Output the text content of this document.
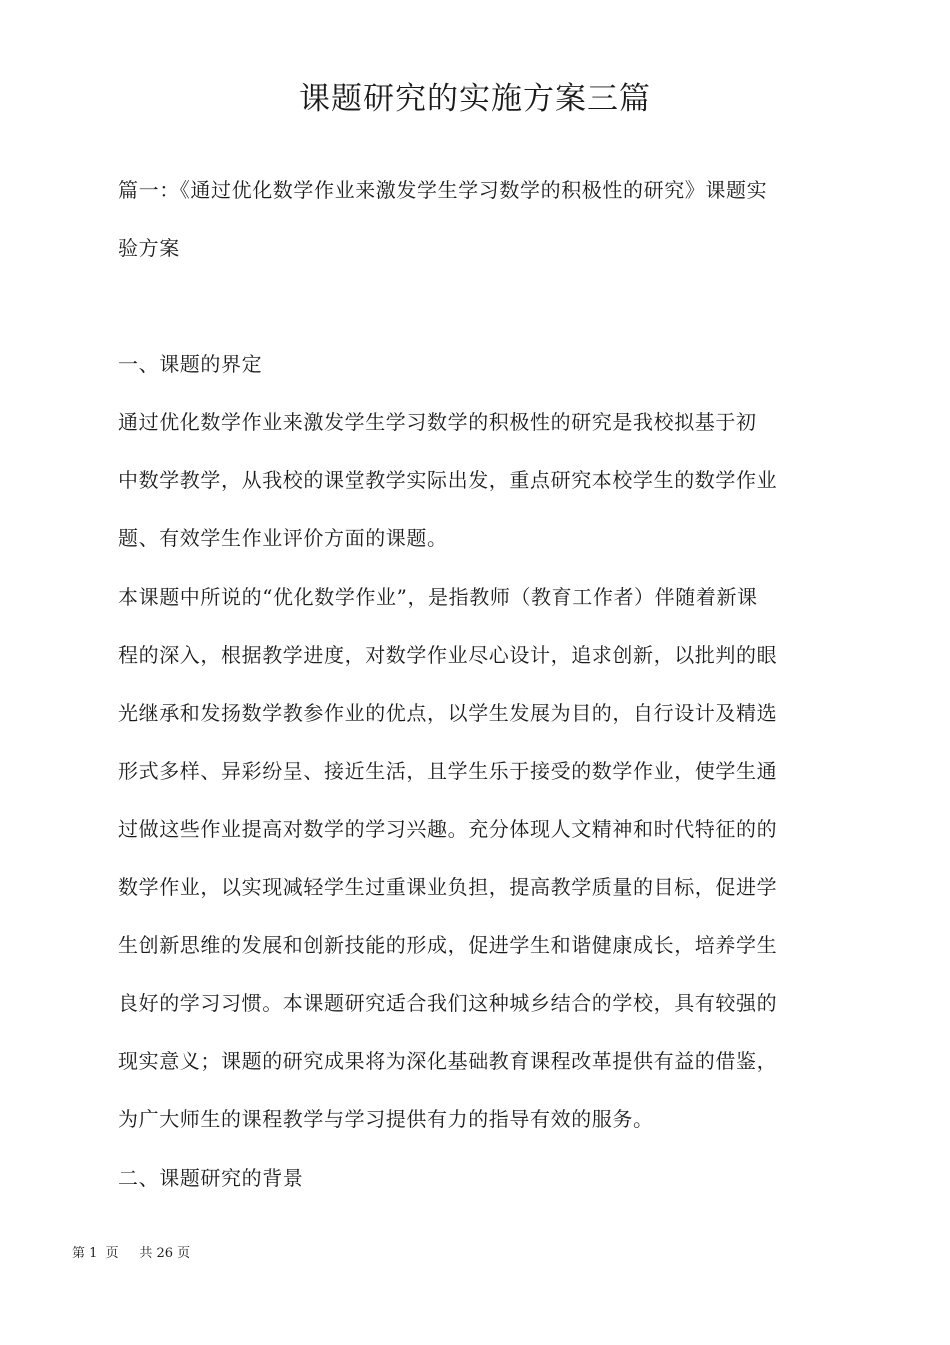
课题研究的实施方案三篇
篇一：《通过优化数学作业来激发学生学习数学的积极性的研究》课题实
验方案
一、课题的界定
通过优化数学作业来激发学生学习数学的积极性的研究是我校拟基于初
中数学教学，从我校的课堂教学实际出发，重点研究本校学生的数学作业
题、有效学生作业评价方面的课题。
本课题中所说的“优化数学作业”，是指教师（教育工作者）伴随着新课
程的深入，根据教学进度，对数学作业尽心设计，追求创新，以批判的眼
光继承和发扬数学教参作业的优点，以学生发展为目的，自行设计及精选
形式多样、异彩纷呈、接近生活，且学生乐于接受的数学作业，使学生通
过做这些作业提高对数学的学习兴趣。充分体现人文精神和时代特征的的
数学作业，以实现减轻学生过重课业负担，提高教学质量的目标，促进学
生创新思维的发展和创新技能的形成，促进学生和谐健康成长，培养学生
良好的学习习惯。本课题研究适合我们这种城乡结合的学校，具有较强的
现实意义；课题的研究成果将为深化基础教育课程改革提供有益的借鉴，
为广大师生的课程教学与学习提供有力的指导有效的服务。
二、课题研究的背景
第 1  页     共 26 页
